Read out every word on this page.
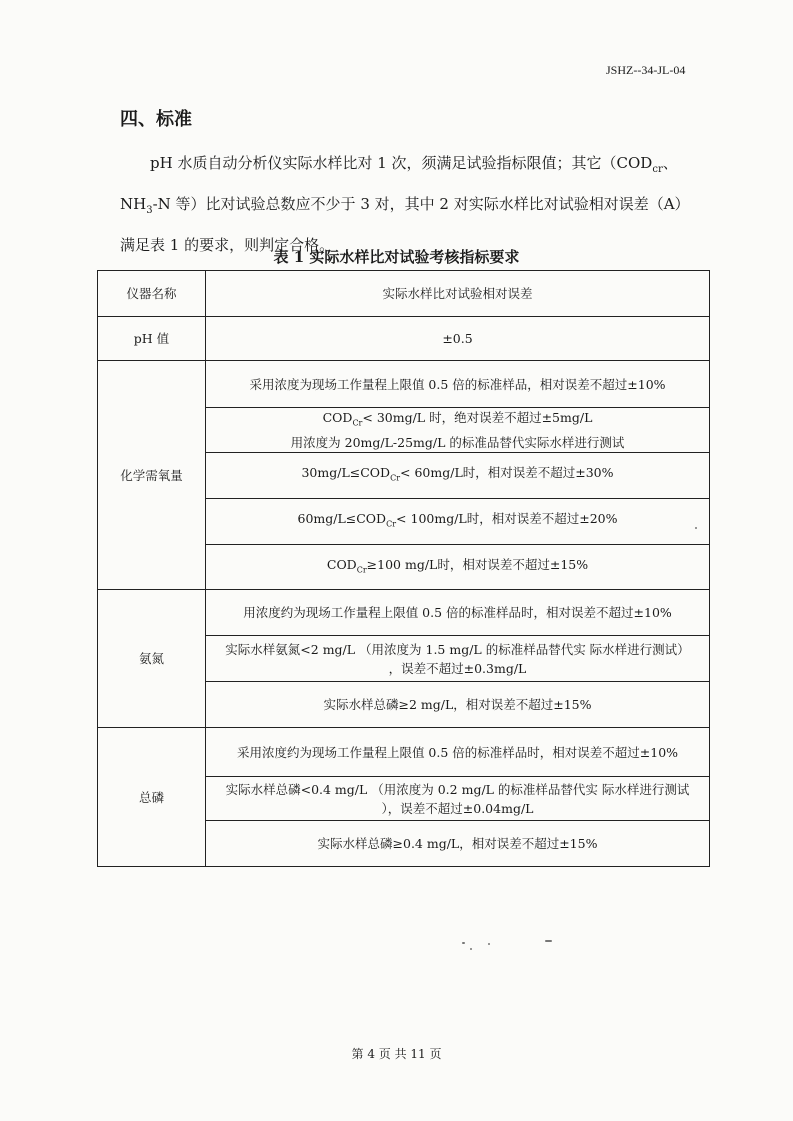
JSHZ--34-JL-04
四、标准
pH 水质自动分析仪实际水样比对 1 次，须满足试验指标限值；其它（$COD_{cr}$、$NH_3-N$ 等）比对试验总数应不少于 3 对，其中 2 对实际水样比对试验相对误差（A）满足表 1 的要求，则判定合格。
表 1 实际水样比对试验考核指标要求
仪器名称	实际水样比对试验相对误差
pH 值	±0.5
化学需氧量	采用浓度为现场工作量程上限值 0.5 倍的标准样品，相对误差不超过±10%

	$COD_{Cr}< 30mg/L$ 时，绝对误差不超过±5mg/L
用浓度为 20mg/L-25mg/L 的标准品替代实际水样进行测试

	$30mg/L\le COD_{Cr}< 60mg/L$时，相对误差不超过±30%
	$60mg/L\le COD_{Cr}< 100mg/L$时，相对误差不超过±20%
	$COD_{Cr}\ge 100$ mg/L时，相对误差不超过±15%
氨氮	用浓度约为现场工作量程上限值 0.5 倍的标准样品时，相对误差不超过±10%

	实际水样氨氮<2 mg/L （用浓度为 1.5 mg/L 的标准样品替代实 际水样进行测试）
，误差不超过±0.3mg/L

	实际水样总磷≥2 mg/L，相对误差不超过±15%
总磷	采用浓度约为现场工作量程上限值 0.5 倍的标准样品时，相对误差不超过±10%

	实际水样总磷<0.4 mg/L （用浓度为 0.2 mg/L 的标准样品替代实 际水样进行测试
），误差不超过±0.04mg/L

	实际水样总磷≥0.4 mg/L，相对误差不超过±15%
第 4 页 共 11 页
